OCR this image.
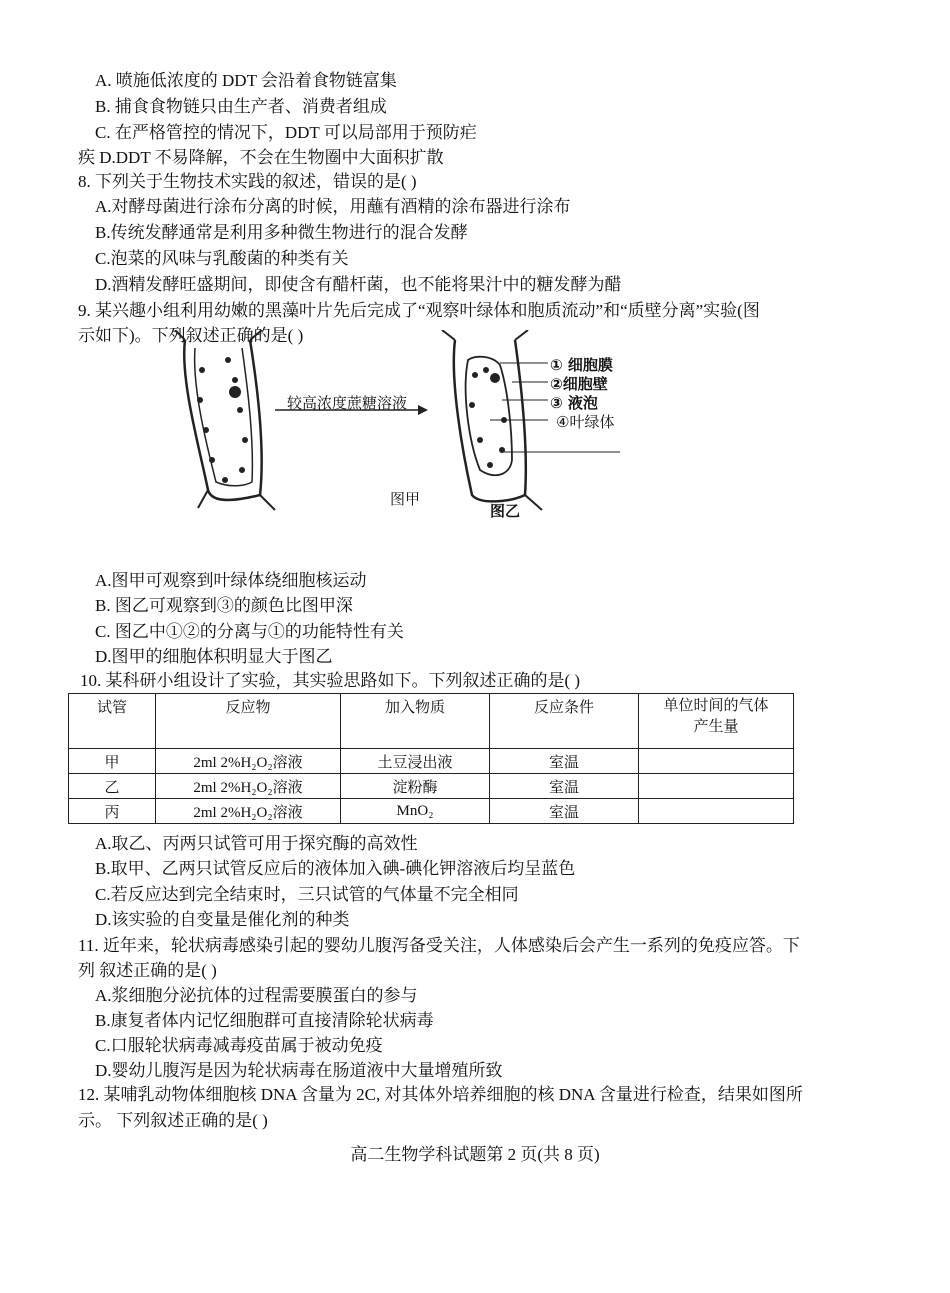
A. 喷施低浓度的 DDT 会沿着食物链富集
B. 捕食食物链只由生产者、消费者组成
C. 在严格管控的情况下，DDT 可以局部用于预防疟
疾 D.DDT 不易降解，不会在生物圈中大面积扩散
8. 下列关于生物技术实践的叙述，错误的是( )
A.对酵母菌进行涂布分离的时候，用蘸有酒精的涂布器进行涂布
B.传统发酵通常是利用多种微生物进行的混合发酵
C.泡菜的风味与乳酸菌的种类有关
D.酒精发酵旺盛期间，即使含有醋杆菌，也不能将果汁中的糖发酵为醋
9. 某兴趣小组利用幼嫩的黑藻叶片先后完成了“观察叶绿体和胞质流动”和“质壁分离”实验(图
示如下)。下列叙述正确的是( )
较高浓度蔗糖溶液
① 细胞膜
②细胞壁
③ 液泡
④叶绿体
图甲
图乙
A.图甲可观察到叶绿体绕细胞核运动
B. 图乙可观察到③的颜色比图甲深
C. 图乙中①②的分离与①的功能特性有关
D.图甲的细胞体积明显大于图乙
10. 某科研小组设计了实验，其实验思路如下。下列叙述正确的是( )
试管	反应物	加入物质	反应条件	单位时间的气体
产生量
甲	2ml 2%H₂O₂溶液	土豆浸出液	室温	
乙	2ml 2%H₂O₂溶液	淀粉酶	室温	
丙	2ml 2%H₂O₂溶液	MnO₂	室温	
A.取乙、丙两只试管可用于探究酶的高效性
B.取甲、乙两只试管反应后的液体加入碘-碘化钾溶液后均呈蓝色
C.若反应达到完全结束时，三只试管的气体量不完全相同
D.该实验的自变量是催化剂的种类
11. 近年来，轮状病毒感染引起的婴幼儿腹泻备受关注，人体感染后会产生一系列的免疫应答。下
列 叙述正确的是( )
A.浆细胞分泌抗体的过程需要膜蛋白的参与
B.康复者体内记忆细胞群可直接清除轮状病毒
C.口服轮状病毒减毒疫苗属于被动免疫
D.婴幼儿腹泻是因为轮状病毒在肠道液中大量增殖所致
12. 某哺乳动物体细胞核 DNA 含量为 2C, 对其体外培养细胞的核 DNA 含量进行检查，结果如图所
示。 下列叙述正确的是( )
高二生物学科试题第 2 页(共 8 页)
